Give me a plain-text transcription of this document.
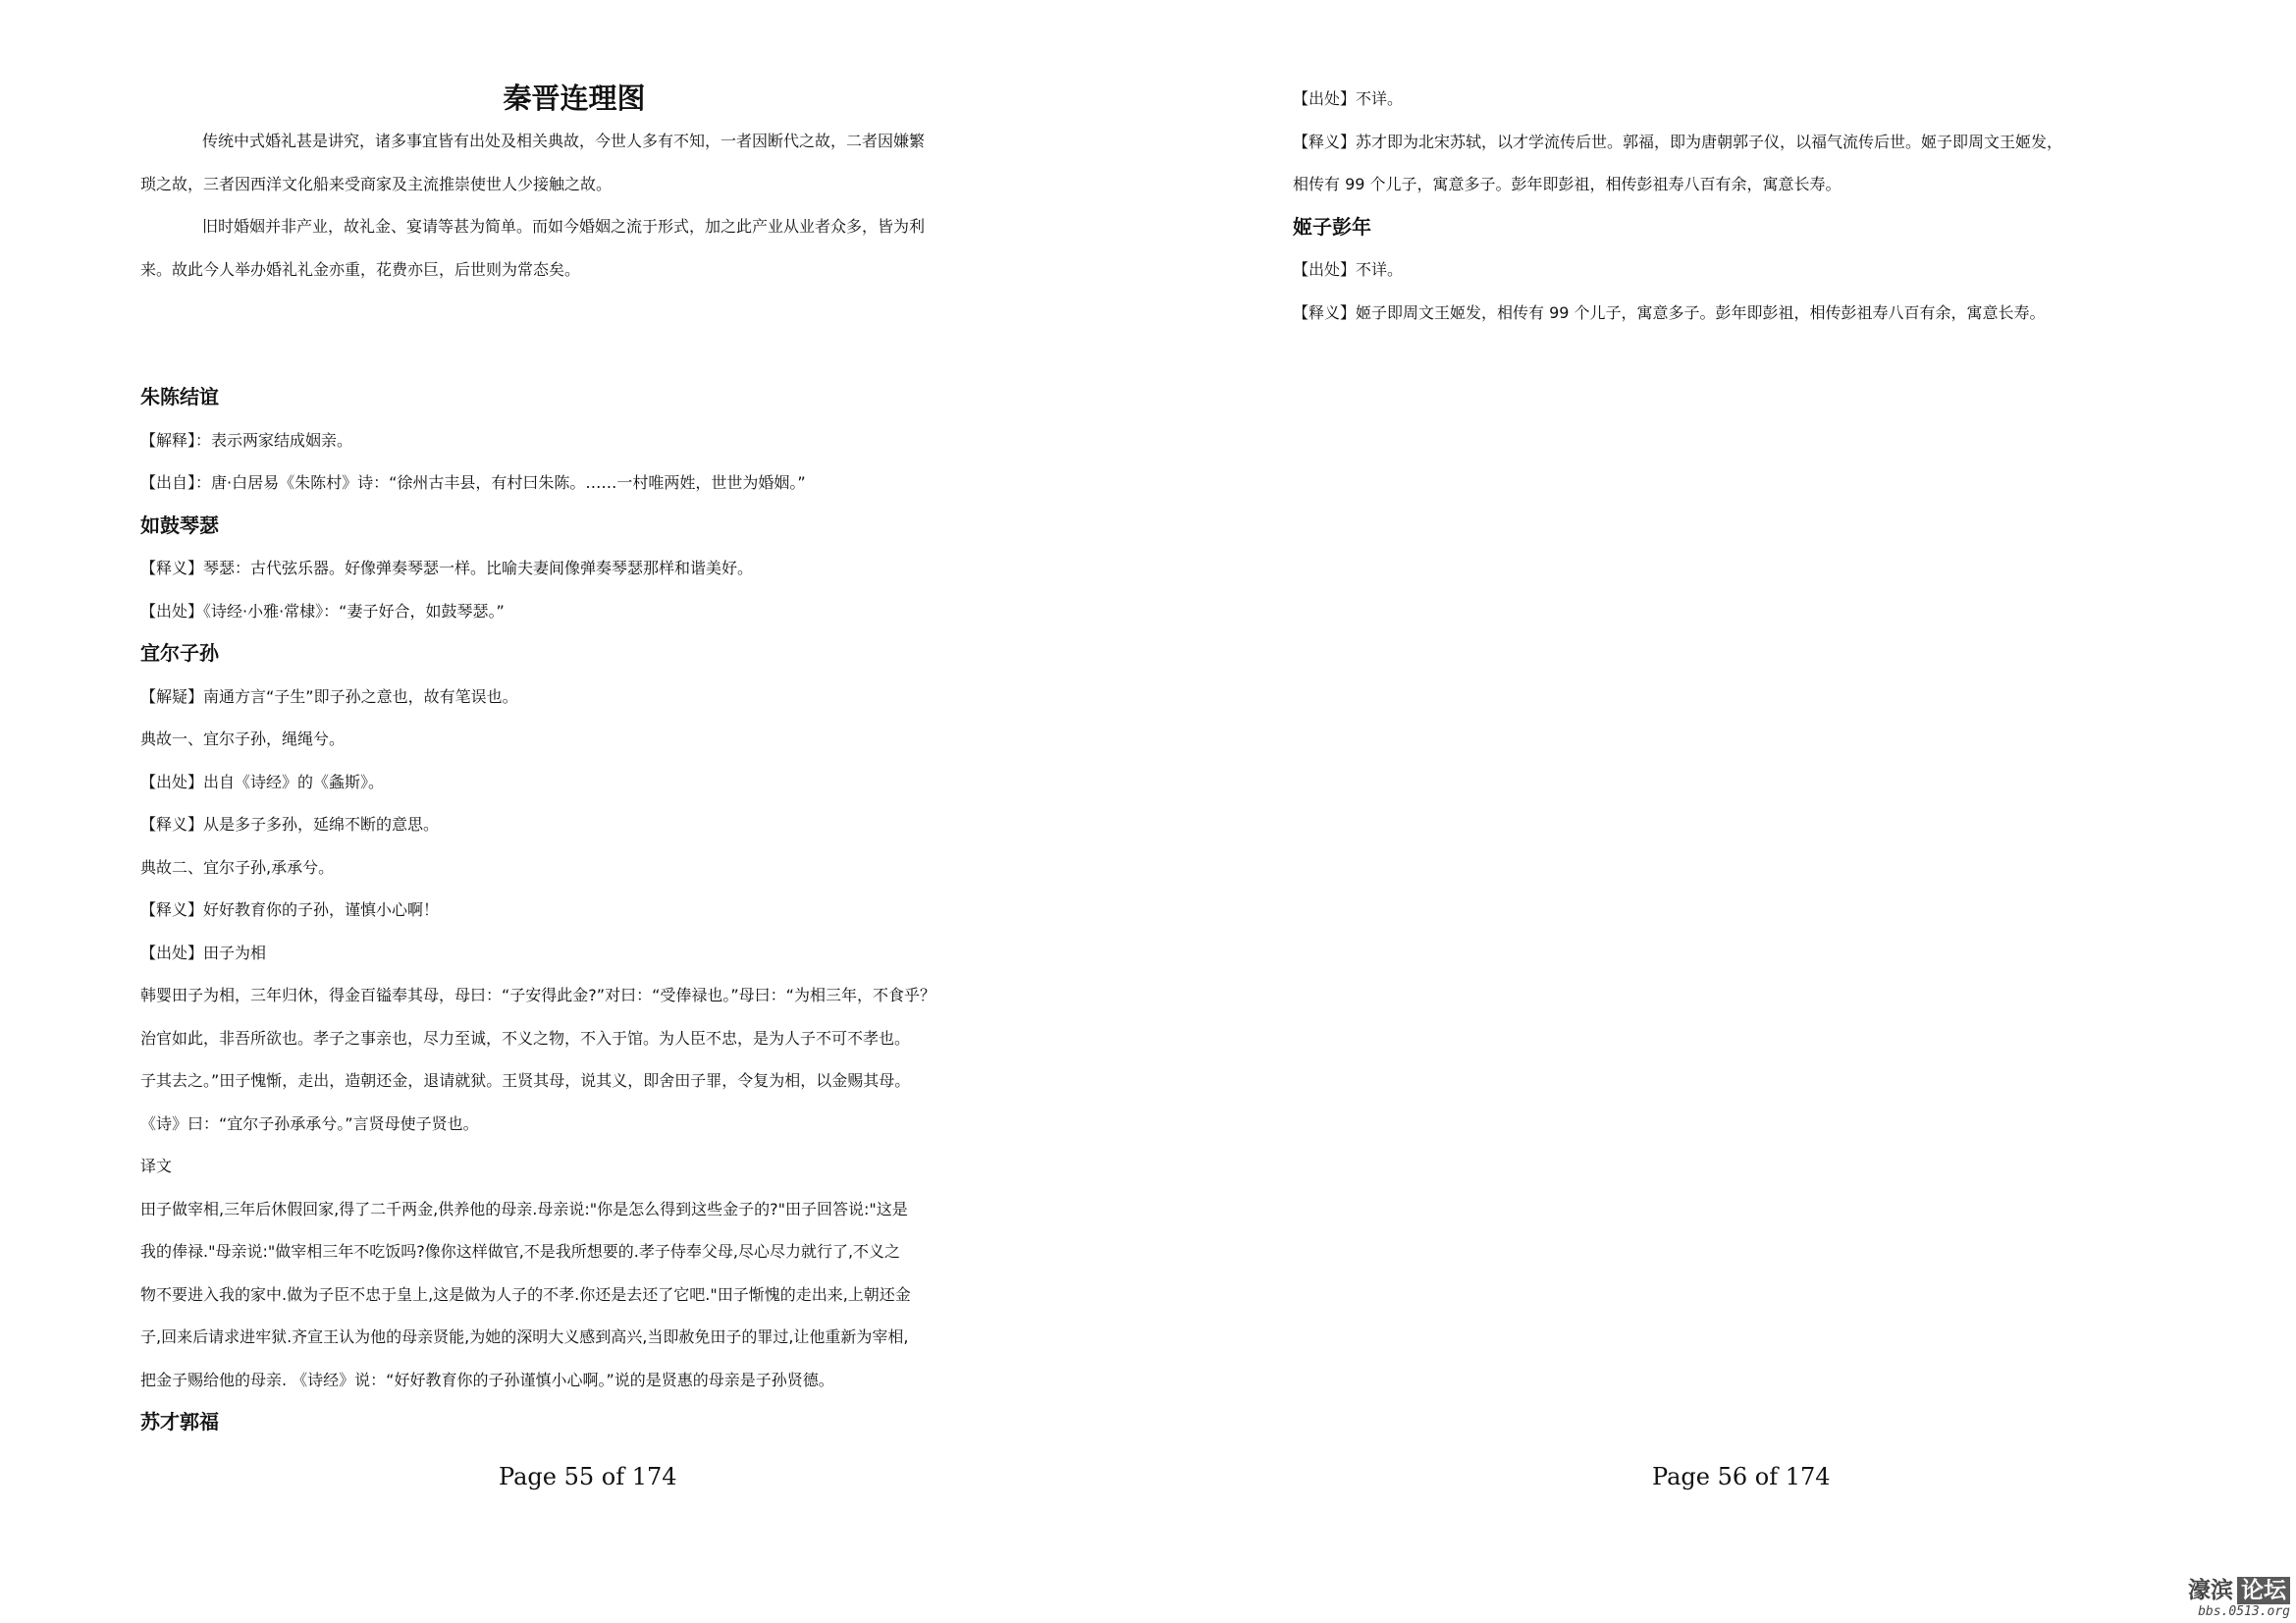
秦晋连理图
传统中式婚礼甚是讲究，诸多事宜皆有出处及相关典故，今世人多有不知，一者因断代之故，二者因嫌繁
琐之故，三者因西洋文化船来受商家及主流推崇使世人少接触之故。
旧时婚姻并非产业，故礼金、宴请等甚为简单。而如今婚姻之流于形式，加之此产业从业者众多，皆为利
来。故此今人举办婚礼礼金亦重，花费亦巨，后世则为常态矣。
朱陈结谊
【解释】：表示两家结成姻亲。
【出自】：唐·白居易《朱陈村》诗：“徐州古丰县，有村曰朱陈。……一村唯两姓，世世为婚姻。”
如鼓琴瑟
【释义】琴瑟：古代弦乐器。好像弹奏琴瑟一样。比喻夫妻间像弹奏琴瑟那样和谐美好。
【出处】《诗经·小雅·常棣》：“妻子好合，如鼓琴瑟。”
宜尔子孙
【解疑】南通方言“子生”即子孙之意也，故有笔误也。
典故一、宜尔子孙，绳绳兮。
【出处】出自《诗经》的《螽斯》。
【释义】从是多子多孙，延绵不断的意思。
典故二、宜尔子孙,承承兮。
【释义】好好教育你的子孙，谨慎小心啊！
【出处】田子为相
韩婴田子为相，三年归休，得金百镒奉其母，母曰：“子安得此金?”对曰：“受俸禄也。”母曰：“为相三年，不食乎？
治官如此，非吾所欲也。孝子之事亲也，尽力至诚，不义之物，不入于馆。为人臣不忠，是为人子不可不孝也。
子其去之。”田子愧惭，走出，造朝还金，退请就狱。王贤其母，说其义，即舍田子罪，令复为相，以金赐其母。
《诗》曰：“宜尔子孙承承兮。”言贤母使子贤也。
译文
田子做宰相,三年后休假回家,得了二千两金,供养他的母亲.母亲说:"你是怎么得到这些金子的?"田子回答说:"这是
我的俸禄."母亲说:"做宰相三年不吃饭吗?像你这样做官,不是我所想要的.孝子侍奉父母,尽心尽力就行了,不义之
物不要进入我的家中.做为子臣不忠于皇上,这是做为人子的不孝.你还是去还了它吧."田子惭愧的走出来,上朝还金
子,回来后请求进牢狱.齐宣王认为他的母亲贤能,为她的深明大义感到高兴,当即赦免田子的罪过,让他重新为宰相,
把金子赐给他的母亲. 《诗经》说：“好好教育你的子孙谨慎小心啊。”说的是贤惠的母亲是子孙贤德。
苏才郭福
Page 55 of 174
【出处】不详。
【释义】苏才即为北宋苏轼，以才学流传后世。郭福，即为唐朝郭子仪，以福气流传后世。姬子即周文王姬发，
相传有 99 个儿子，寓意多子。彭年即彭祖，相传彭祖寿八百有余，寓意长寿。
姬子彭年
【出处】不详。
【释义】姬子即周文王姬发，相传有 99 个儿子，寓意多子。彭年即彭祖，相传彭祖寿八百有余，寓意长寿。
Page 56 of 174
濠滨 论坛
bbs.0513.org
